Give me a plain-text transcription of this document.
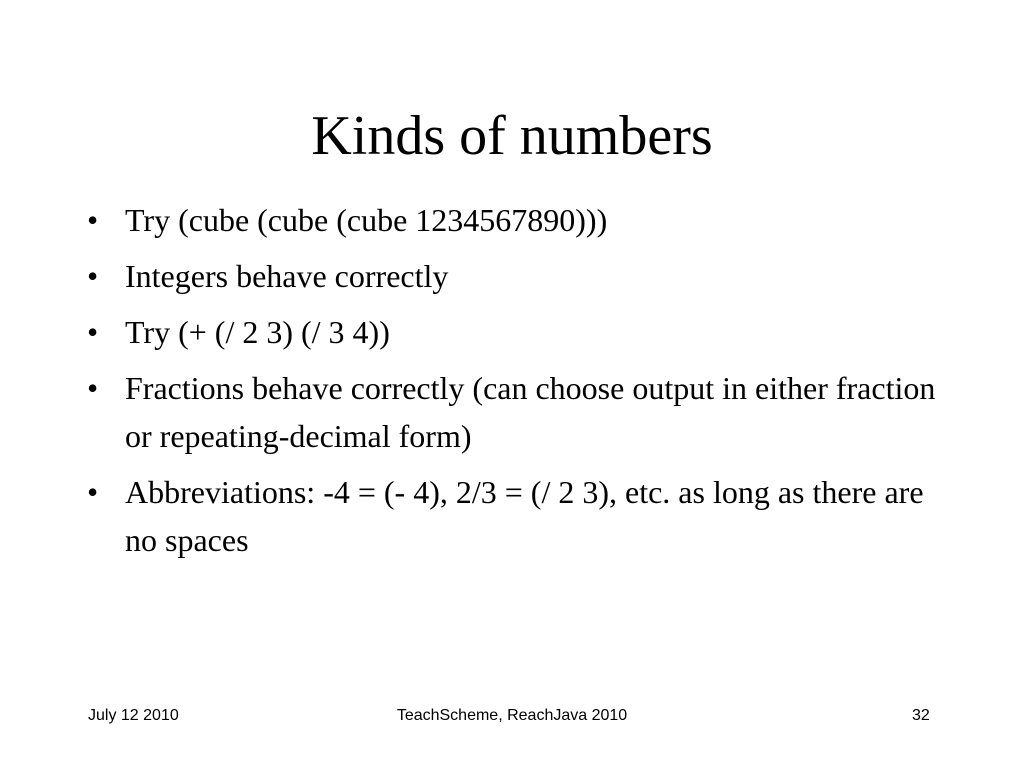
Kinds of numbers
• Try (cube (cube (cube 1234567890)))
• Integers behave correctly
• Try (+ (/ 2 3) (/ 3 4))
• Fractions behave correctly (can choose output in either fraction or repeating-decimal form)
• Abbreviations: -4 = (- 4), 2/3 = (/ 2 3), etc. as long as there are no spaces
July 12 2010	TeachScheme, ReachJava 2010	32
